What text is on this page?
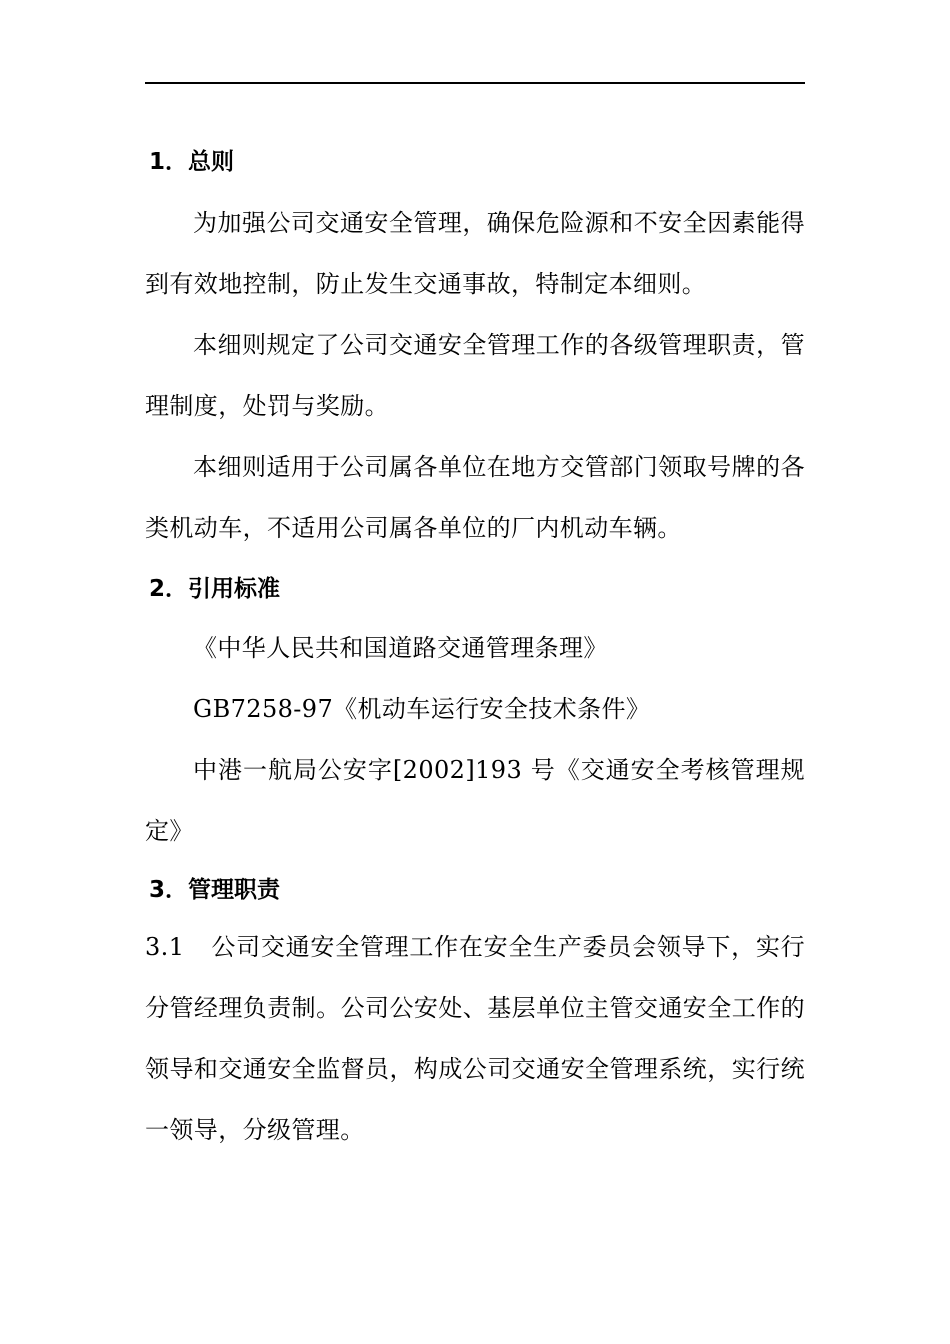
1．总则

为加强公司交通安全管理，确保危险源和不安全因素能得到有效地控制，防止发生交通事故，特制定本细则。

本细则规定了公司交通安全管理工作的各级管理职责，管理制度，处罚与奖励。

本细则适用于公司属各单位在地方交管部门领取号牌的各类机动车，不适用公司属各单位的厂内机动车辆。

2．引用标准

《中华人民共和国道路交通管理条理》

GB7258-97《机动车运行安全技术条件》

中港一航局公安字[2002]193 号《交通安全考核管理规定》

3．管理职责

3.1 公司交通安全管理工作在安全生产委员会领导下，实行分管经理负责制。公司公安处、基层单位主管交通安全工作的领导和交通安全监督员，构成公司交通安全管理系统，实行统一领导，分级管理。
